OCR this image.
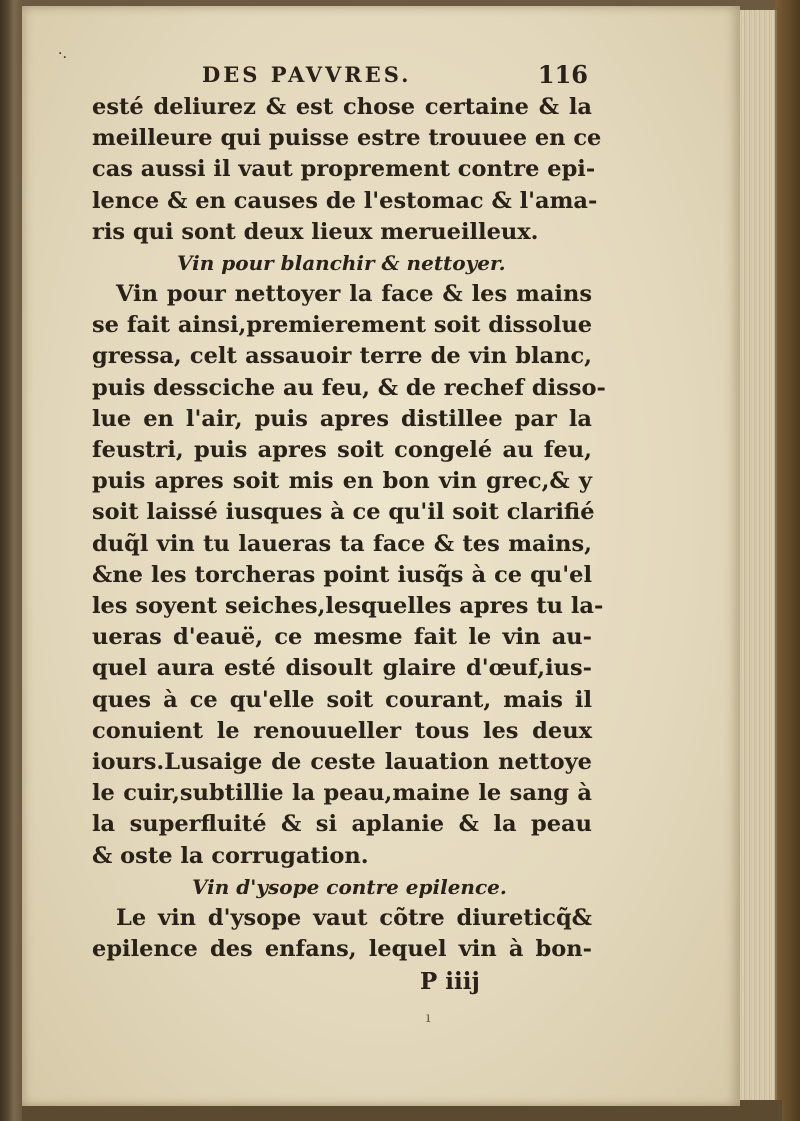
·.
DES PAVVRES.	116
esté deliurez & est chose certaine & la
meilleure qui puisse estre trouuee en ce
cas aussi il vaut proprement contre epi-
lence & en causes de l'estomac & l'ama-
ris qui sont deux lieux merueilleux.
Vin pour blanchir & nettoyer.
Vin pour nettoyer la face & les mains
se fait ainsi,premierement soit dissolue
gressa, celt assauoir terre de vin blanc,
puis dessciche au feu, & de rechef disso-
lue en l'air, puis apres distillee par la
feustri, puis apres soit congelé au feu,
puis apres soit mis en bon vin grec,& y
soit laissé iusques à ce qu'il soit clarifié
duq̃l vin tu laueras ta face & tes mains,
&ne les torcheras point iusq̃s à ce qu'el
les soyent seiches,lesquelles apres tu la-
ueras d'eauë, ce mesme fait le vin au-
quel aura esté disoult glaire d'œuf,ius-
ques à ce qu'elle soit courant, mais il
conuient le renouueller tous les deux
iours.Lusaige de ceste lauation nettoye
le cuir,subtillie la peau,maine le sang à
la superfluité & si aplanie & la peau
& oste la corrugation.
Vin d'ysope contre epilence.
Le vin d'ysope vaut cõtre diureticq̃&
epilence des enfans, lequel vin à bon-
P iiij
ı
